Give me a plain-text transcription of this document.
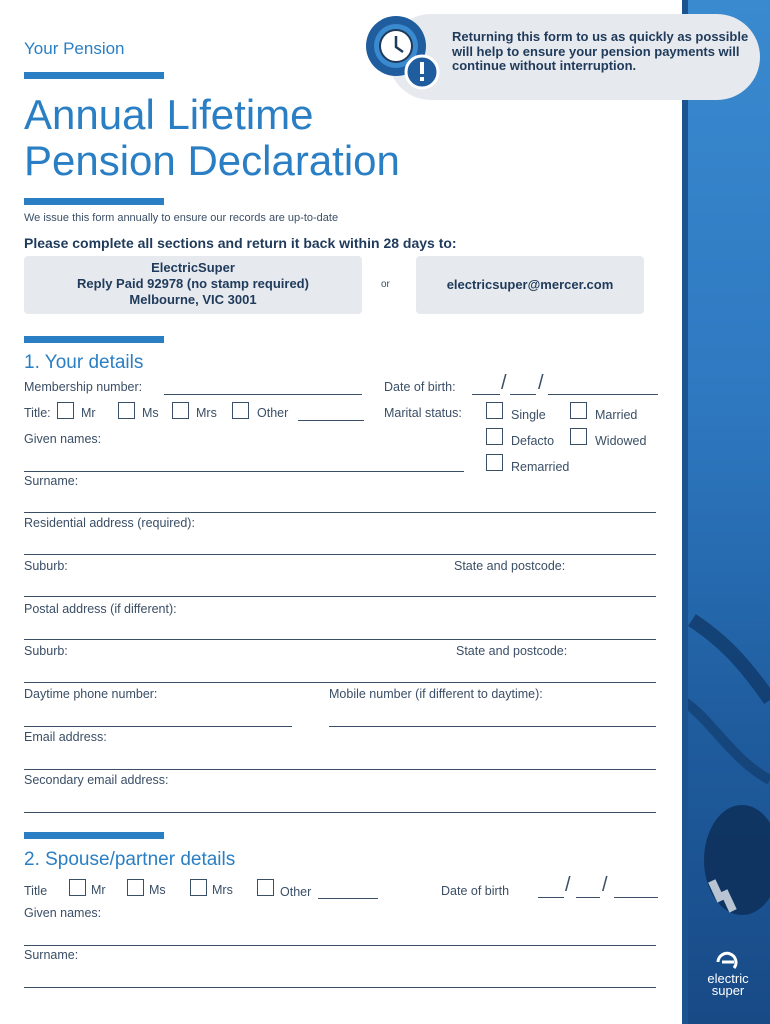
electric
super
Returning this form to us as quickly as possible will help to ensure your pension payments will continue without interruption.
Your Pension
Annual Lifetime
Pension Declaration
We issue this form annually to ensure our records are up-to-date
Please complete all sections and return it back within 28 days to:
ElectricSuper
Reply Paid 92978 (no stamp required)
Melbourne, VIC 3001
or	electricsuper@mercer.com
1. Your details
Membership number:	Date of birth: / /
Title: Mr	Ms	Mrs	Other	Marital status:	Single	Married
Defacto	Widowed
Remarried
Given names:
Surname:
Residential address (required):
Suburb:	State and postcode:
Postal address (if different):
Suburb:	State and postcode:
Daytime phone number:	Mobile number (if different to daytime):
Email address:
Secondary email address:
2. Spouse/partner details
Title	Mr	Ms	Mrs	Other	Date of birth	/ /
Given names:
Surname:
